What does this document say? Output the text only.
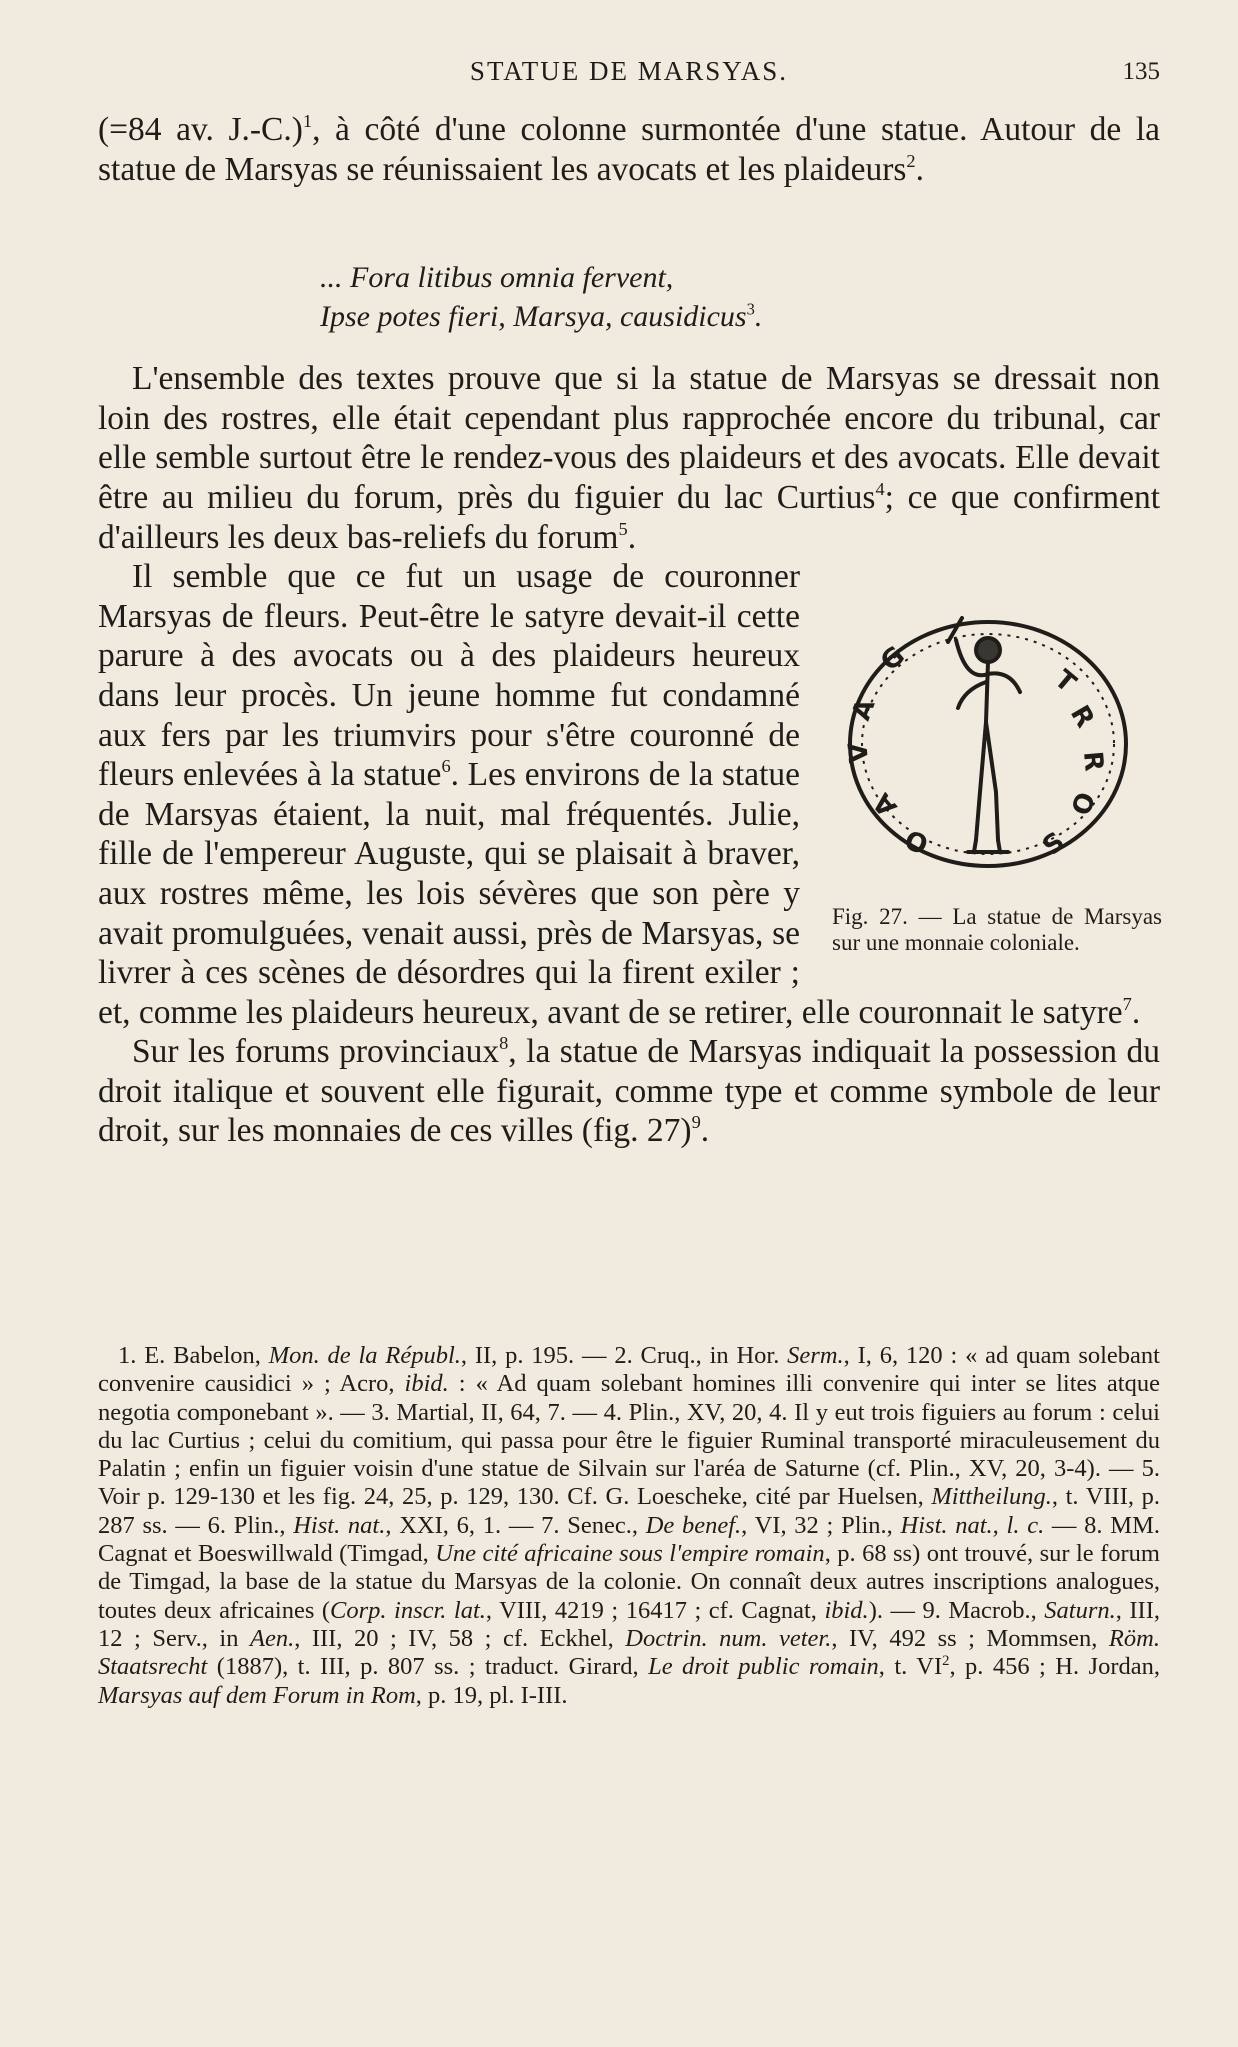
STATUE DE MARSYAS.	135

(=84 av. J.-C.)$^1$, à côté d'une colonne surmontée d'une statue. Autour de la statue de Marsyas se réunissaient les avocats et les plaideurs$^2$.

L'ensemble des textes prouve que si la statue de Marsyas se dressait non loin des rostres, elle était cependant plus rapprochée encore du tribunal, car elle semble surtout être le rendez-vous des plaideurs et des avocats. Elle devait être au milieu du forum, près du figuier du lac Curtius$^4$; ce que confirment d'ailleurs les deux bas-reliefs du forum$^5$.

Il semble que ce fut un usage de couronner Marsyas de fleurs. Peut-être le satyre devait-il cette parure à des avocats ou à des plaideurs heureux dans leur procès. Un jeune homme fut condamné aux fers par les triumvirs pour s'être couronné de fleurs enlevées à la statue$^6$. Les environs de la statue de Marsyas étaient, la nuit, mal fréquentés. Julie, fille de l'empereur Auguste, qui se plaisait à braver, aux rostres même, les lois sévères que son père y avait promulguées, venait aussi, près de Marsyas, se livrer à ces scènes de désordres qui la firent exiler ; et, comme les plaideurs heureux, avant de se retirer, elle couronnait le satyre$^7$.

Sur les forums provinciaux$^8$, la statue de Marsyas indiquait la possession du droit italique et souvent elle figurait, comme type et comme symbole de leur droit, sur les monnaies de ces villes (fig. 27)$^9$.

... Fora litibus omnia fervent,
Ipse potes fieri, Marsya, causidicus$^3$.
G
A
V
A
O
T
R
R
O
S
Fig. 27. — La statue de Marsyas sur une monnaie coloniale.

1. E. Babelon, Mon. de la Républ., II, p. 195. — 2. Cruq., in Hor. Serm., I, 6, 120 : « ad quam solebant convenire causidici » ; Acro, ibid. : « Ad quam solebant homines illi convenire qui inter se lites atque negotia componebant ». — 3. Martial, II, 64, 7. — 4. Plin., XV, 20, 4. Il y eut trois figuiers au forum : celui du lac Curtius ; celui du comitium, qui passa pour être le figuier Ruminal transporté miraculeusement du Palatin ; enfin un figuier voisin d'une statue de Silvain sur l'aréa de Saturne (cf. Plin., XV, 20, 3-4). — 5. Voir p. 129-130 et les fig. 24, 25, p. 129, 130. Cf. G. Loescheke, cité par Huelsen, Mittheilung., t. VIII, p. 287 ss. — 6. Plin., Hist. nat., XXI, 6, 1. — 7. Senec., De benef., VI, 32 ; Plin., Hist. nat., l. c. — 8. MM. Cagnat et Boeswillwald (Timgad, Une cité africaine sous l'empire romain, p. 68 ss) ont trouvé, sur le forum de Timgad, la base de la statue du Marsyas de la colonie. On connaît deux autres inscriptions analogues, toutes deux africaines (Corp. inscr. lat., VIII, 4219 ; 16417 ; cf. Cagnat, ibid.). — 9. Macrob., Saturn., III, 12 ; Serv., in Aen., III, 20 ; IV, 58 ; cf. Eckhel, Doctrin. num. veter., IV, 492 ss ; Mommsen, Röm. Staatsrecht (1887), t. III, p. 807 ss. ; traduct. Girard, Le droit public romain, t. $VI^2$, p. 456 ; H. Jordan, Marsyas auf dem Forum in Rom, p. 19, pl. I-III.
